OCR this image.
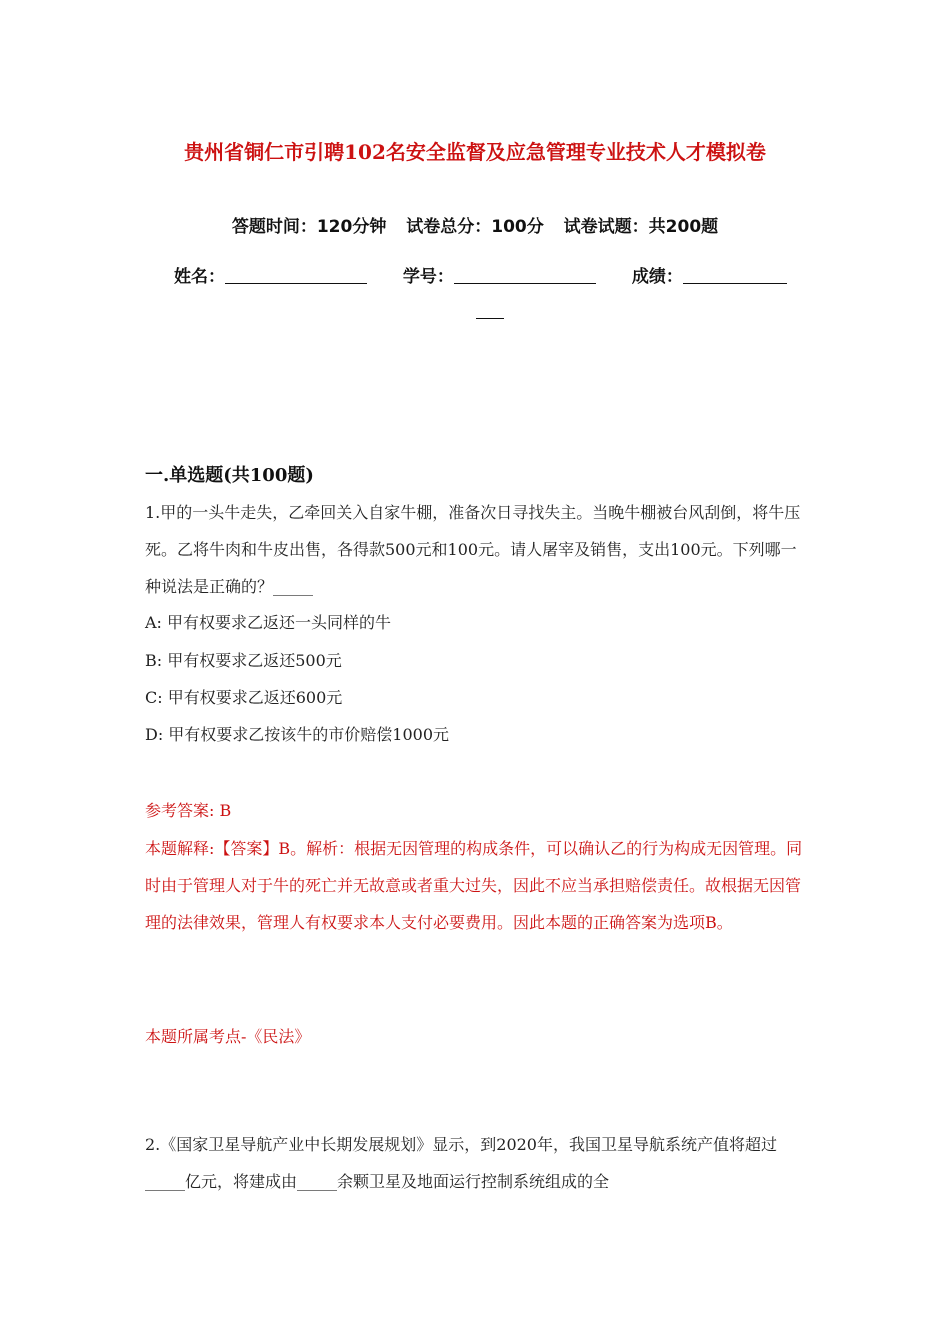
贵州省铜仁市引聘102名安全监督及应急管理专业技术人才模拟卷
答题时间：120分钟 试卷总分：100分 试卷试题：共200题
姓名：	学号：	成绩：
一.单选题(共100题)
1.甲的一头牛走失，乙牵回关入自家牛棚，准备次日寻找失主。当晚牛棚被台风刮倒，将牛压死。乙将牛肉和牛皮出售，各得款500元和100元。请人屠宰及销售，支出100元。下列哪一种说法是正确的？_____
A: 甲有权要求乙返还一头同样的牛
B: 甲有权要求乙返还500元
C: 甲有权要求乙返还600元
D: 甲有权要求乙按该牛的市价赔偿1000元
参考答案: B
本题解释:【答案】B。解析：根据无因管理的构成条件，可以确认乙的行为构成无因管理。同时由于管理人对于牛的死亡并无故意或者重大过失，因此不应当承担赔偿责任。故根据无因管理的法律效果，管理人有权要求本人支付必要费用。因此本题的正确答案为选项B。
本题所属考点-《民法》
2.《国家卫星导航产业中长期发展规划》显示，到2020年，我国卫星导航系统产值将超过_____亿元，将建成由_____余颗卫星及地面运行控制系统组成的全
